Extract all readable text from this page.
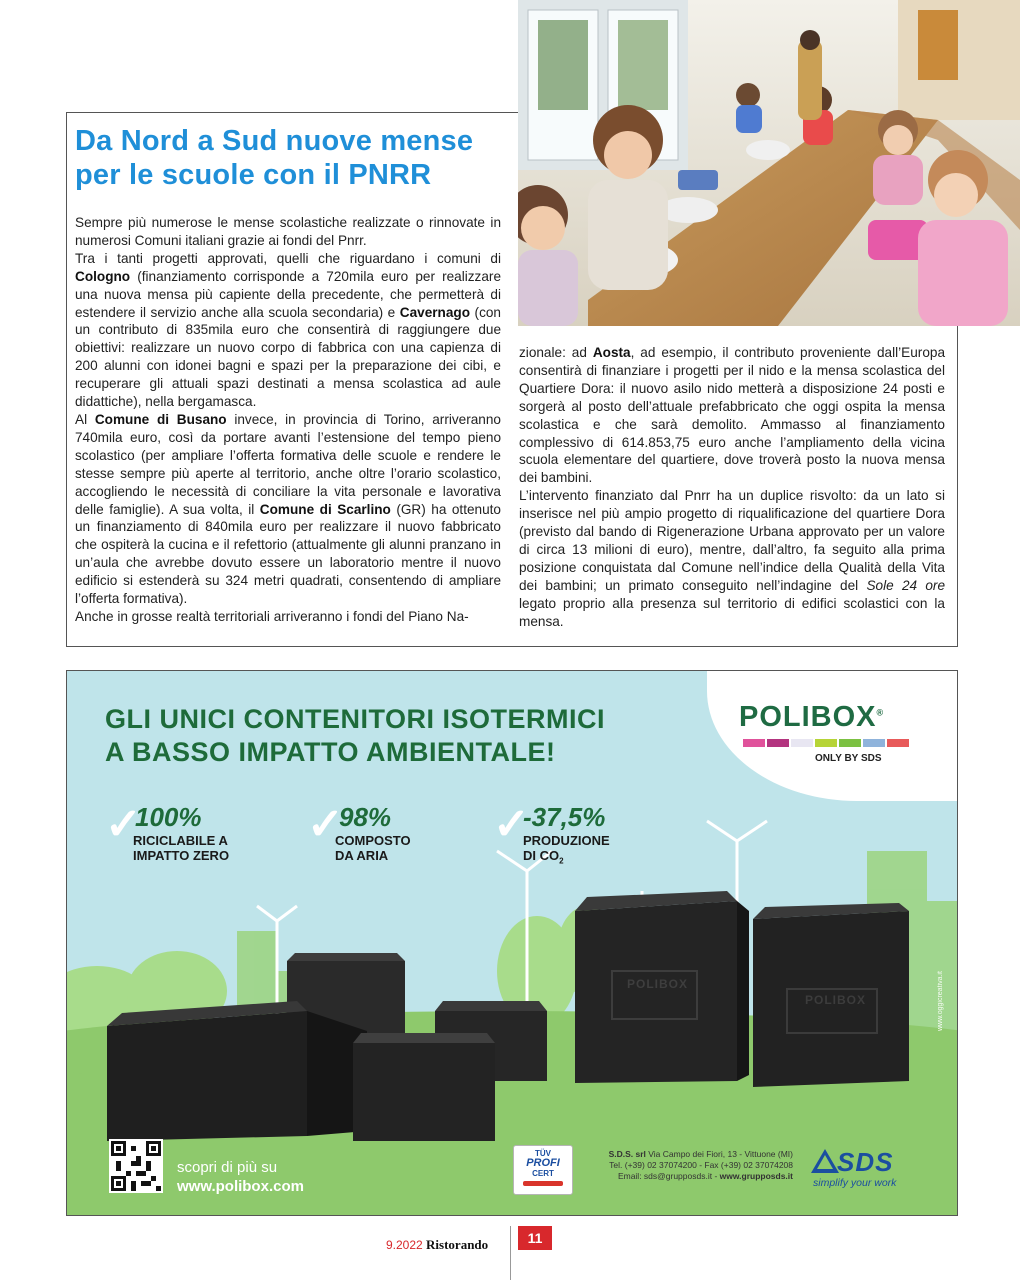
Da Nord a Sud nuove mense
per le scuole con il PNRR

Sempre più numerose le mense scolastiche realizzate o rinnovate in numerosi Comuni italiani grazie ai fondi del Pnrr.

Tra i tanti progetti approvati, quelli che riguardano i comuni di Cologno (finanziamento corrisponde a 720mila euro per realizzare una nuova mensa più capiente della precedente, che permetterà di estendere il servizio anche alla scuola secondaria) e Cavernago (con un contributo di 835mila euro che consentirà di raggiungere due obiettivi: realizzare un nuovo corpo di fabbrica con una capienza di 200 alunni con idonei bagni e spazi per la preparazione dei cibi, e recuperare gli attuali spazi destinati a mensa scolastica ad aule didattiche), nella bergamasca.

Al Comune di Busano invece, in provincia di Torino, arriveranno 740mila euro, così da portare avanti l’estensione del tempo pieno scolastico (per ampliare l’offerta formativa delle scuole e rendere le stesse sempre più aperte al territorio, anche oltre l’orario scolastico, accogliendo le necessità di conciliare la vita personale e lavorativa delle famiglie). A sua volta, il Comune di Scarlino (GR) ha ottenuto un finanziamento di 840mila euro per realizzare il nuovo fabbricato che ospiterà la cucina e il refettorio (attualmente gli alunni pranzano in un’aula che avrebbe dovuto essere un laboratorio mentre il nuovo edificio si estenderà su 324 metri quadrati, consentendo di ampliare l’offerta formativa).

Anche in grosse realtà territoriali arriveranno i fondi del Piano Na-

zionale: ad Aosta, ad esempio, il contributo proveniente dall’Europa consentirà di finanziare i progetti per il nido e la mensa scolastica del Quartiere Dora: il nuovo asilo nido metterà a disposizione 24 posti e sorgerà al posto dell’attuale prefabbricato che oggi ospita la mensa scolastica e che sarà demolito. Ammasso al finanziamento complessivo di 614.853,75 euro anche l’ampliamento della vicina scuola elementare del quartiere, dove troverà posto la nuova mensa dei bambini.

L’intervento finanziato dal Pnrr ha un duplice risvolto: da un lato si inserisce nel più ampio progetto di riqualificazione del quartiere Dora (previsto dal bando di Rigenerazione Urbana approvato per un valore di circa 13 milioni di euro), mentre, dall’altro, fa seguito alla prima posizione conquistata dal Comune nell’indice della Qualità della Vita dei bambini; un primato conseguito nell’indagine del Sole 24 ore legato proprio alla presenza sul territorio di edifici scolastici con la mensa.

POLIBOX®
ONLY BY SDS
GLI UNICI CONTENITORI ISOTERMICI
A BASSO IMPATTO AMBIENTALE!
✓
100%
RICICLABILE A
IMPATTO ZERO
✓
98%
COMPOSTO
DA ARIA
✓
-37,5%
PRODUZIONE
DI $CO_2$
POLIBOX
POLIBOX	www.oggicreativa.it
scopri di più su
www.polibox.com
TÜV
PROFI
CERT
S.D.S. srl Via Campo dei Fiori, 13 - Vittuone (MI)
Tel. (+39) 02 37074200 - Fax (+39) 02 37074208
Email: sds@grupposds.it - www.grupposds.it SDS
simplify your work
9.2022 Ristorando	11
